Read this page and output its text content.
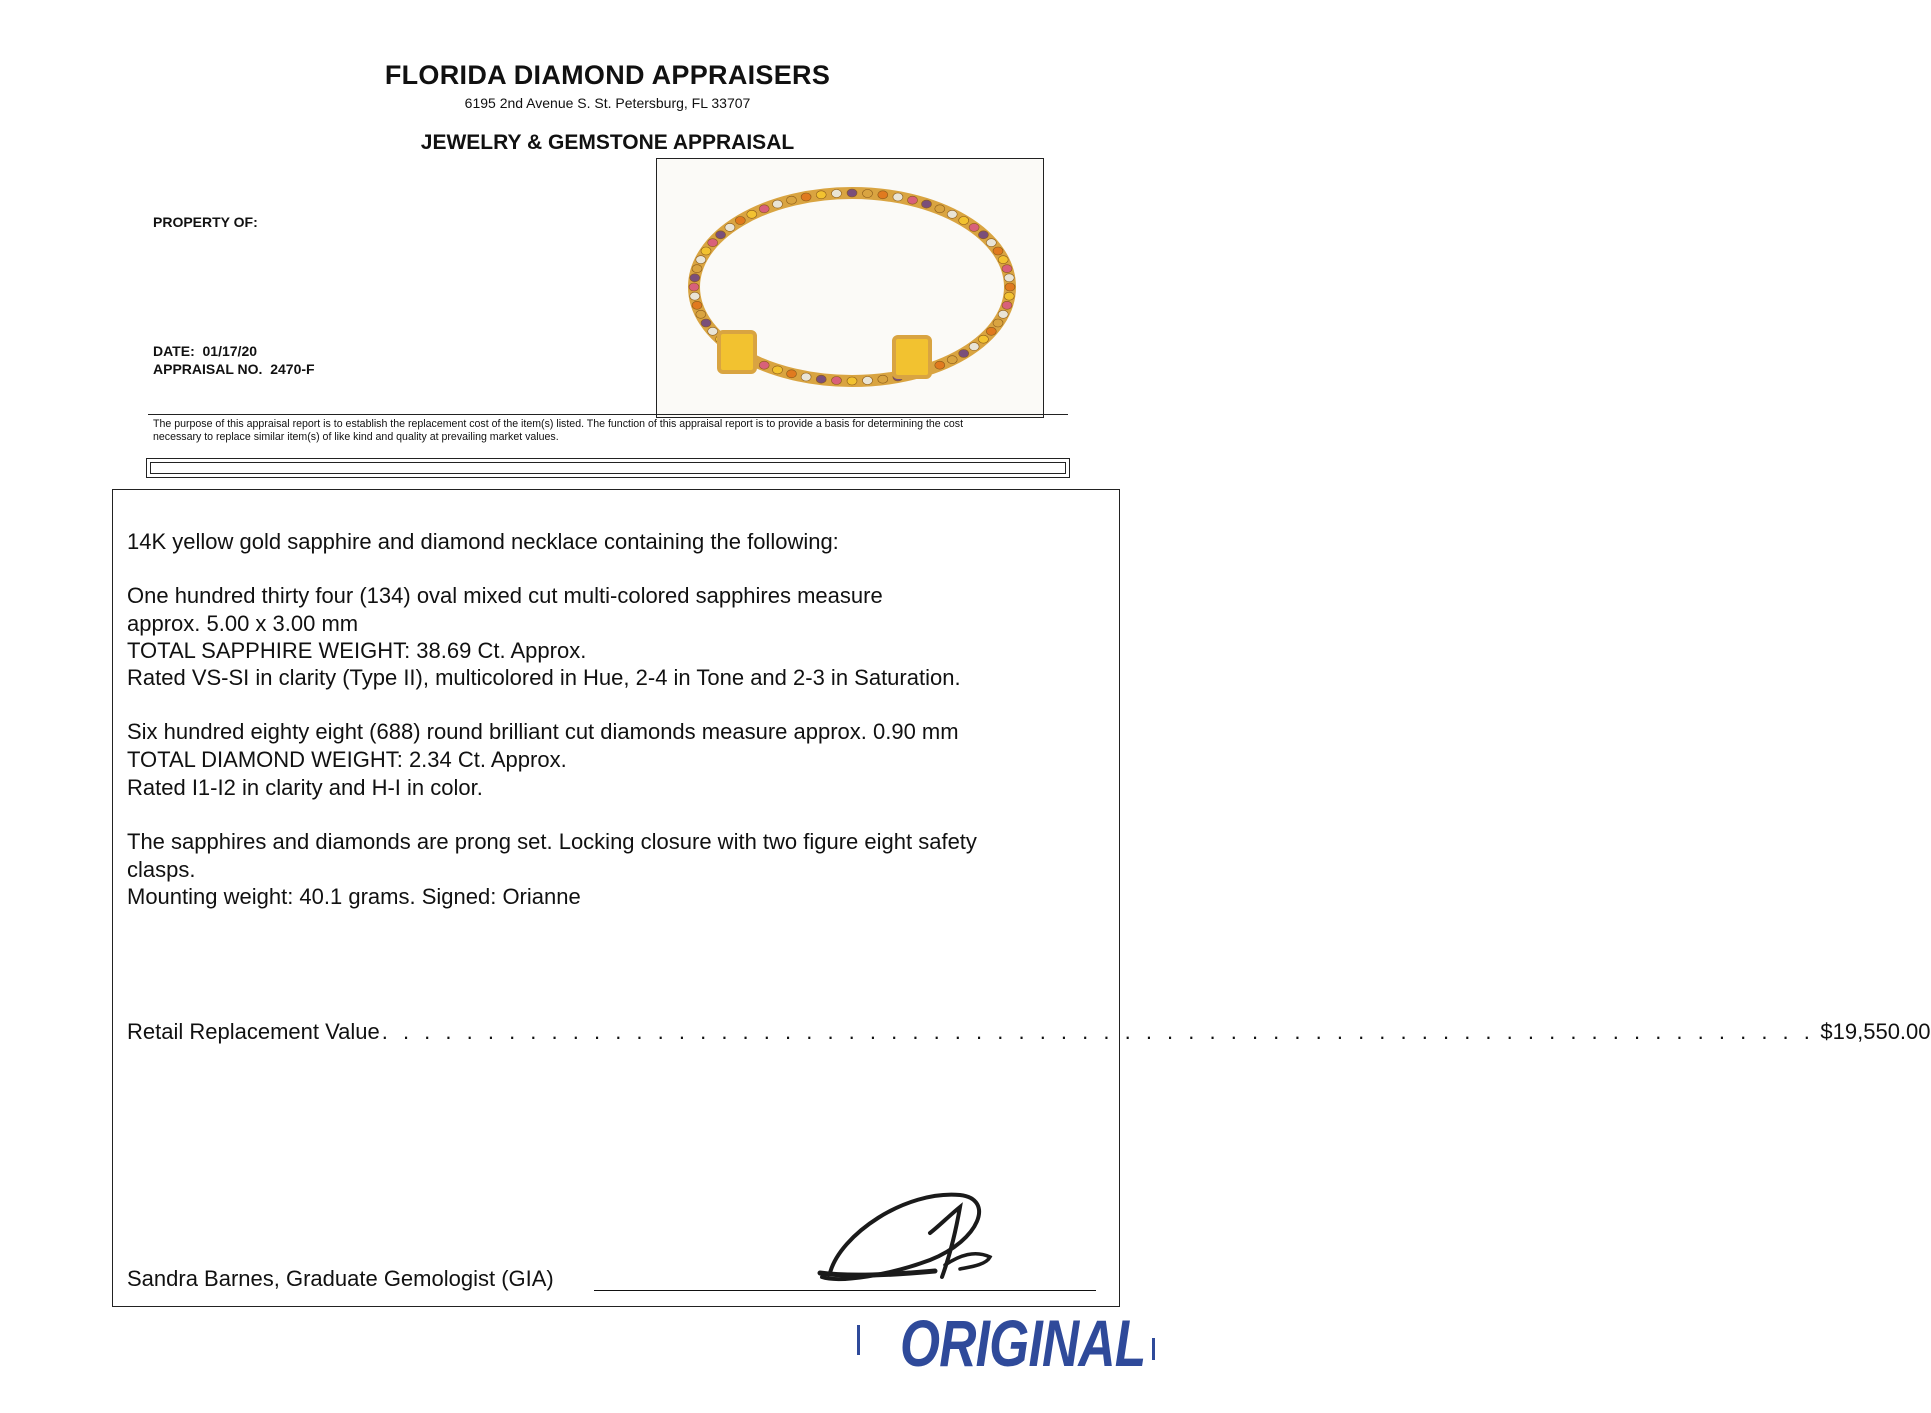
FLORIDA DIAMOND APPRAISERS
6195 2nd Avenue S. St. Petersburg, FL 33707
JEWELRY & GEMSTONE APPRAISAL
PROPERTY OF:
DATE: 01/17/20
APPRAISAL NO. 2470-F
The purpose of this appraisal report is to establish the replacement cost of the item(s) listed. The function of this appraisal report is to provide a basis for determining the cost
necessary to replace similar item(s) of like kind and quality at prevailing market values.
14K yellow gold sapphire and diamond necklace containing the following:
One hundred thirty four (134) oval mixed cut multi-colored sapphires measure
approx. 5.00 x 3.00 mm
TOTAL SAPPHIRE WEIGHT: 38.69 Ct. Approx.
Rated VS-SI in clarity (Type II), multicolored in Hue, 2-4 in Tone and 2-3 in Saturation.
Six hundred eighty eight (688) round brilliant cut diamonds measure approx. 0.90 mm
TOTAL DIAMOND WEIGHT: 2.34 Ct. Approx.
Rated I1-I2 in clarity and H-I in color.
The sapphires and diamonds are prong set. Locking closure with two figure eight safety
clasps.
Mounting weight: 40.1 grams. Signed: Orianne
Retail Replacement Value . . . . . . . . . . . . . . . . . . . . . . . . . . . . . . . . . . . . . . . . . . . . . . . . . . . . . . . . . . . . . . . . . . . . $19,550.00
Sandra Barnes, Graduate Gemologist (GIA)
ORIGINAL
